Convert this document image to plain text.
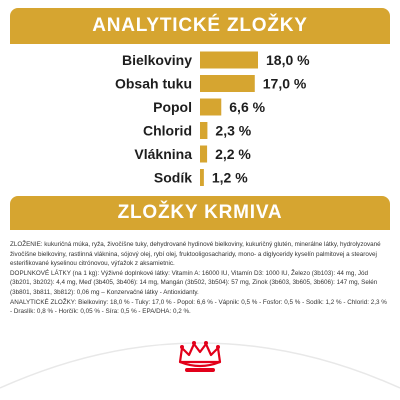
ANALYTICKÉ ZLOŽKY
Bielkoviny	18,0 %
Obsah tuku	17,0 %
Popol	6,6 %
Chlorid 2,3 %
Vláknina 2,2 %
Sodík 1,2 %
ZLOŽKY KRMIVA

ZLOŽENIE: kukuričná múka, ryža, živočíšne tuky, dehydrované hydinové bielkoviny, kukuričný glutén, minerálne látky, hydrolyzované živočíšne bielkoviny, rastlinná vláknina, sójový olej, rybí olej, fruktooligosacharidy, mono- a diglyceridy kyselín palmitovej a stearovej esterifikované kyselinou citrónovou, výťažok z aksamietnic.

DOPLNKOVÉ LÁTKY (na 1 kg): Výživné doplnkové látky: Vitamín A: 16000 IU, Vitamín D3: 1000 IU, Železo (3b103): 44 mg, Jód (3b201, 3b202): 4,4 mg, Meď (3b405, 3b406): 14 mg, Mangán (3b502, 3b504): 57 mg, Zinok (3b603, 3b605, 3b606): 147 mg, Selén (3b801, 3b811, 3b812): 0,06 mg – Konzervačné látky - Antioxidanty.

ANALYTICKÉ ZLOŽKY: Bielkoviny: 18,0 % - Tuky: 17,0 % - Popol: 6,6 % - Vápnik: 0,5 % - Fosfor: 0,5 % - Sodík: 1,2 % - Chlorid: 2,3 % - Draslík: 0,8 % - Horčík: 0,05 % - Síra: 0,5 % - EPA/DHA: 0,2 %.
